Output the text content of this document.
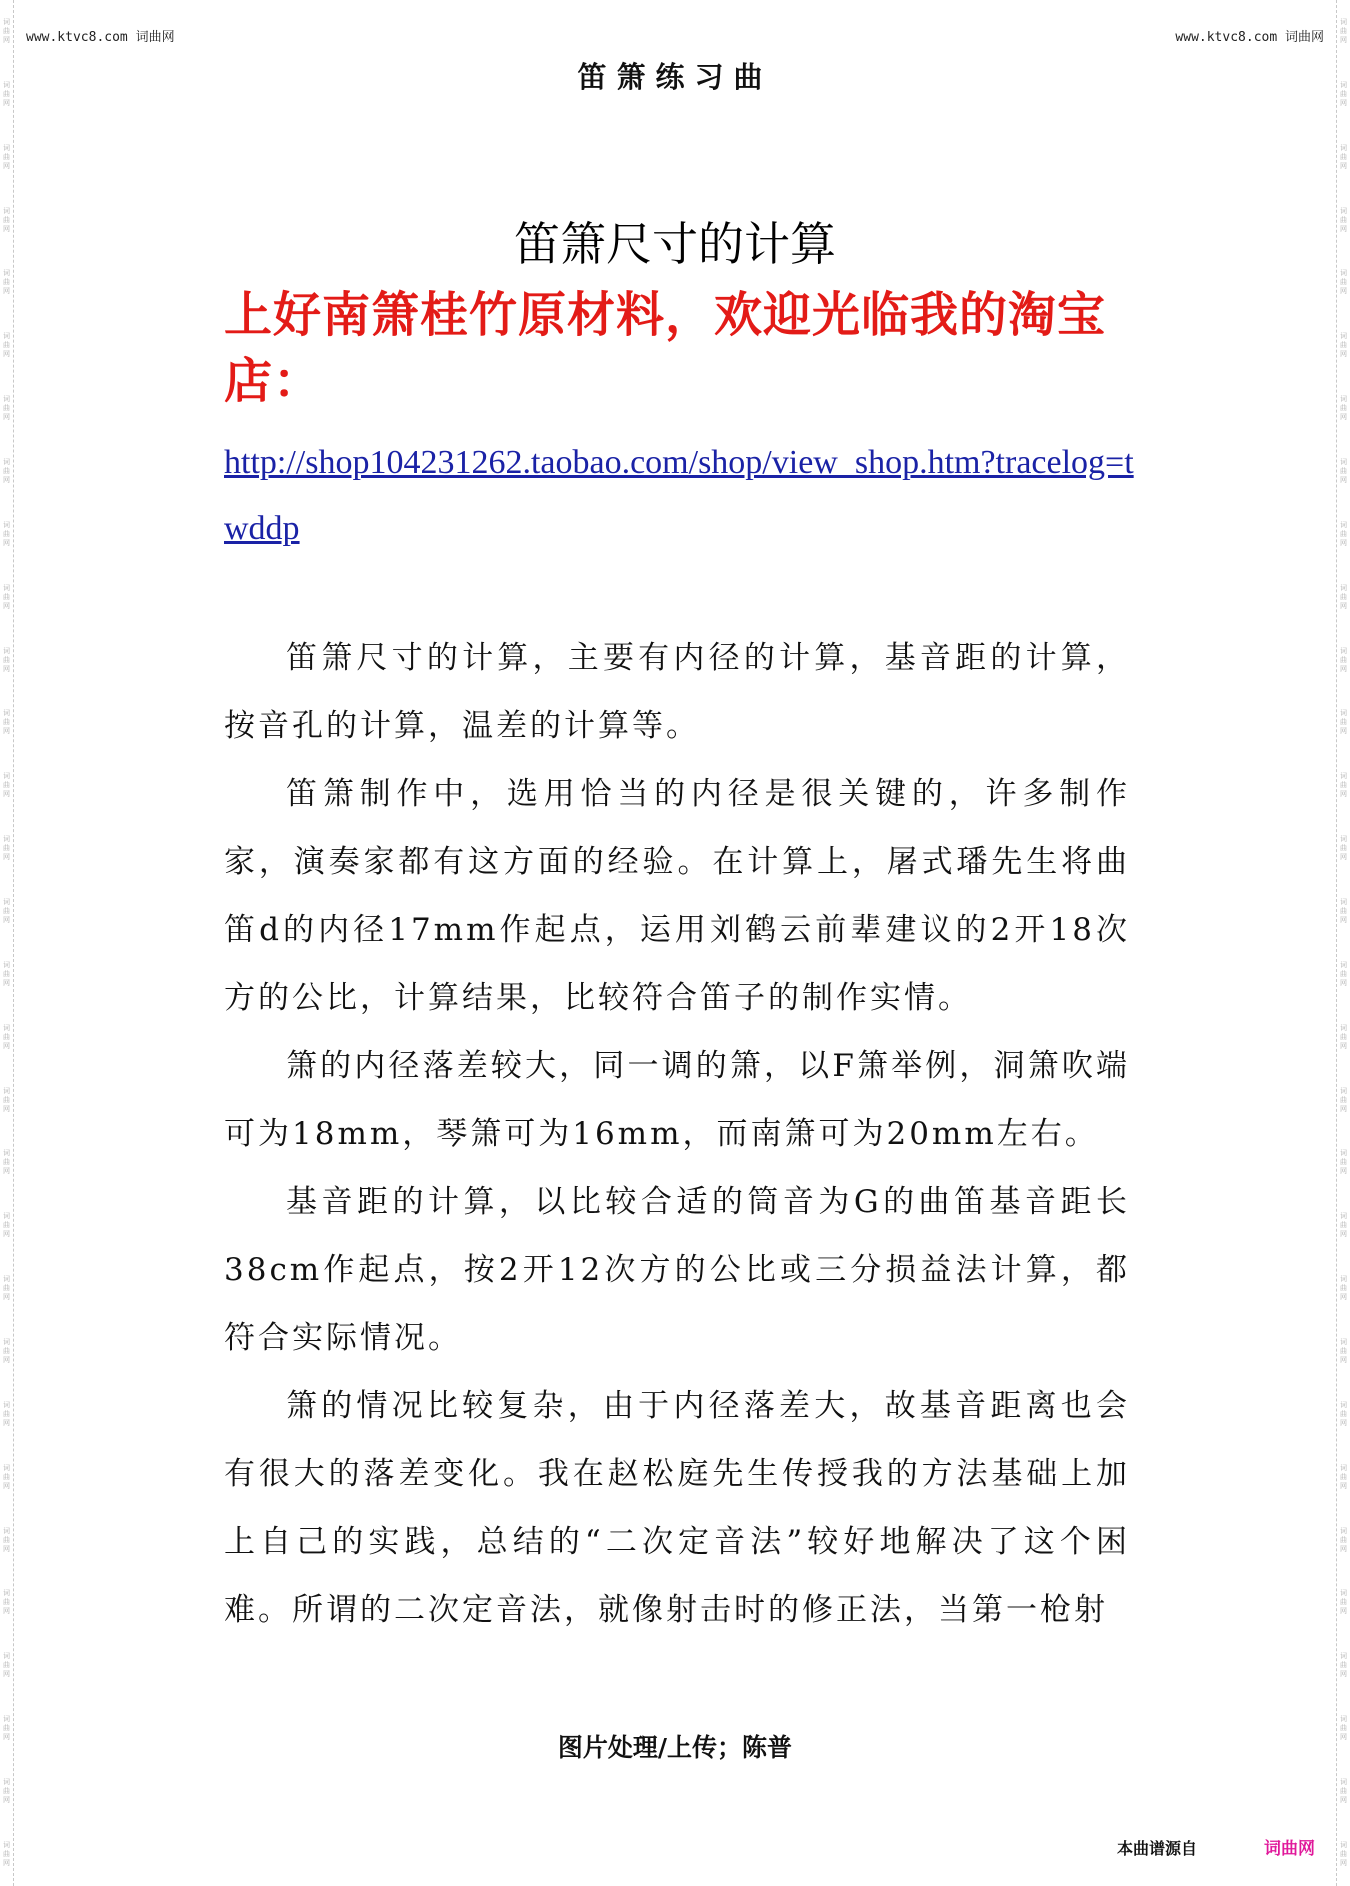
词曲网
词曲网
词曲网
词曲网
词曲网
词曲网
词曲网
词曲网
词曲网
词曲网
词曲网
词曲网
词曲网
词曲网
词曲网
词曲网
词曲网
词曲网
词曲网
词曲网
词曲网
词曲网
词曲网
词曲网
词曲网
词曲网
词曲网
词曲网
词曲网
词曲网
词曲网
词曲网
词曲网
词曲网
词曲网
词曲网
词曲网
词曲网
词曲网
词曲网
词曲网
词曲网
词曲网
词曲网
词曲网
词曲网
词曲网
词曲网
词曲网
词曲网
词曲网
词曲网
词曲网
词曲网
词曲网
词曲网
词曲网
词曲网
词曲网
词曲网
www.ktvc8.com 词曲网	www.ktvc8.com 词曲网
笛箫练习曲
笛箫尺寸的计算
上好南箫桂竹原材料，欢迎光临我的淘宝店：
http://shop104231262.taobao.com/shop/view_shop.htm?tracelog=twddp

笛箫尺寸的计算，主要有内径的计算，基音距的计算，按音孔的计算，温差的计算等。

笛箫制作中，选用恰当的内径是很关键的，许多制作家，演奏家都有这方面的经验。在计算上，屠式璠先生将曲笛d的内径17mm作起点，运用刘鹤云前辈建议的2开18次方的公比，计算结果，比较符合笛子的制作实情。

箫的内径落差较大，同一调的箫，以F箫举例，洞箫吹端可为18mm，琴箫可为16mm，而南箫可为20mm左右。

基音距的计算，以比较合适的筒音为G的曲笛基音距长38cm作起点，按2开12次方的公比或三分损益法计算，都符合实际情况。

箫的情况比较复杂，由于内径落差大，故基音距离也会有很大的落差变化。我在赵松庭先生传授我的方法基础上加上自己的实践，总结的“二次定音法”较好地解决了这个困难。所谓的二次定音法，就像射击时的修正法，当第一枪射

图片处理/上传；陈普
本曲谱源自	词曲网
